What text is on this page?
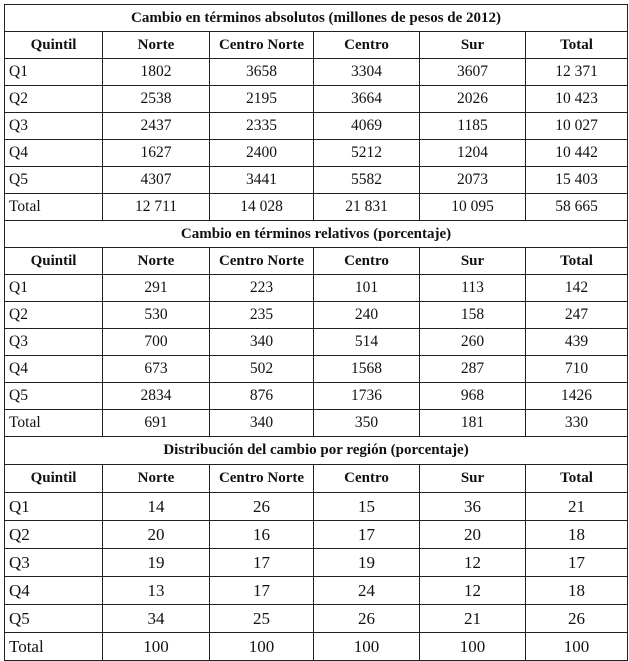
Cambio en términos absolutos (millones de pesos de 2012)					
Quintil	Norte	Centro Norte	Centro	Sur	Total
Q1	1802	3658	3304	3607	12 371
Q2	2538	2195	3664	2026	10 423
Q3	2437	2335	4069	1185	10 027
Q4	1627	2400	5212	1204	10 442
Q5	4307	3441	5582	2073	15 403
Total	12 711	14 028	21 831	10 095	58 665
Cambio en términos relativos (porcentaje)					
Quintil	Norte	Centro Norte	Centro	Sur	Total
Q1	291	223	101	113	142
Q2	530	235	240	158	247
Q3	700	340	514	260	439
Q4	673	502	1568	287	710
Q5	2834	876	1736	968	1426
Total	691	340	350	181	330
Distribución del cambio por región (porcentaje)					
Quintil	Norte	Centro Norte	Centro	Sur	Total
Q1	14	26	15	36	21
Q2	20	16	17	20	18
Q3	19	17	19	12	17
Q4	13	17	24	12	18
Q5	34	25	26	21	26
Total	100	100	100	100	100
